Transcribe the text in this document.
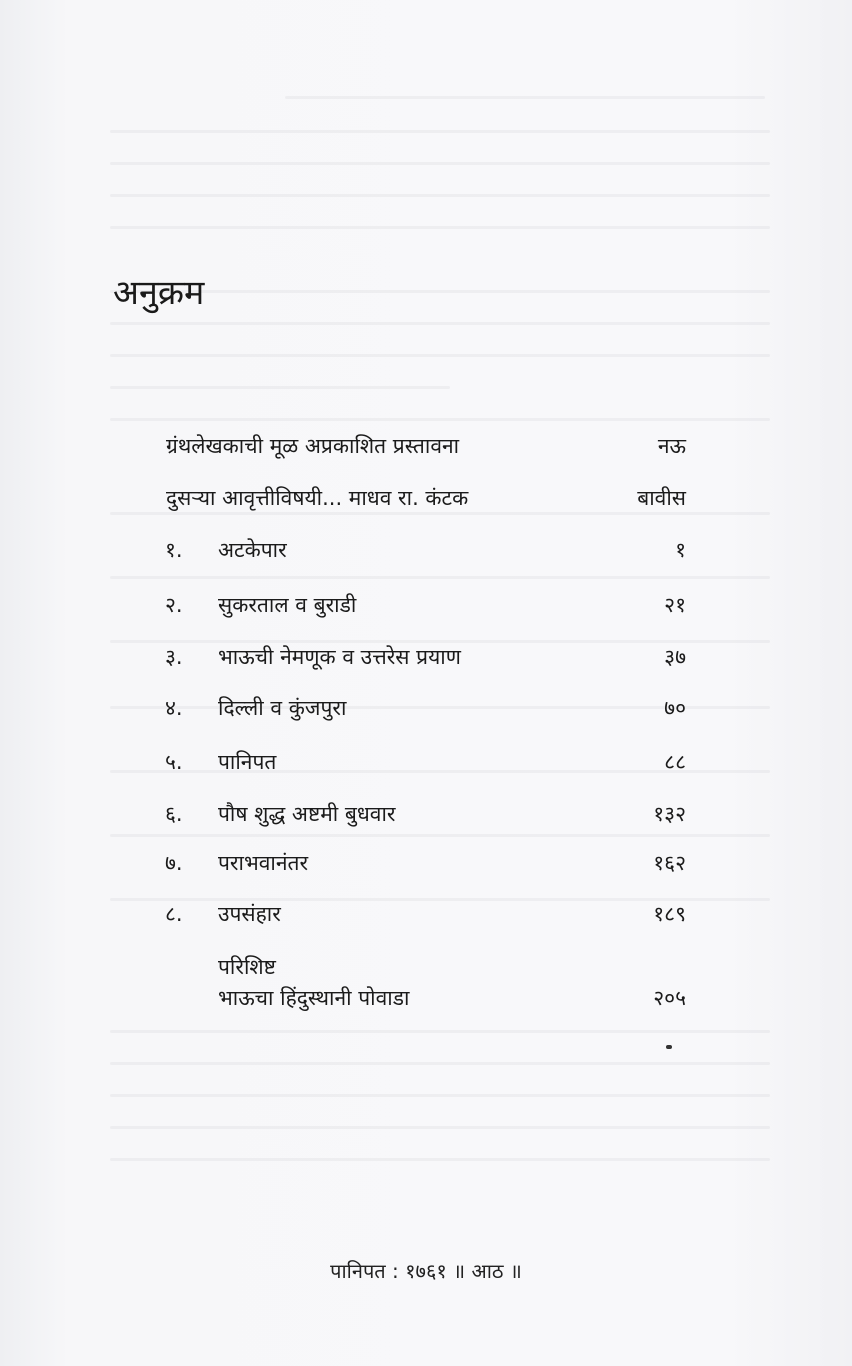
अनुक्रम
ग्रंथलेखकाची मूळ अप्रकाशित प्रस्तावना	नऊ
दुसऱ्या आवृत्तीविषयी... माधव रा. कंटक	बावीस
१. अटकेपार	१
२. सुकरताल व बुराडी	२१
३. भाऊची नेमणूक व उत्तरेस प्रयाण	३७
४. दिल्ली व कुंजपुरा	७०
५. पानिपत	८८
६. पौष शुद्ध अष्टमी बुधवार	१३२
७. पराभवानंतर	१६२
८. उपसंहार	१८९
परिशिष्ट
भाऊचा हिंदुस्थानी पोवाडा	२०५
पानिपत : १७६१ ॥ आठ ॥
